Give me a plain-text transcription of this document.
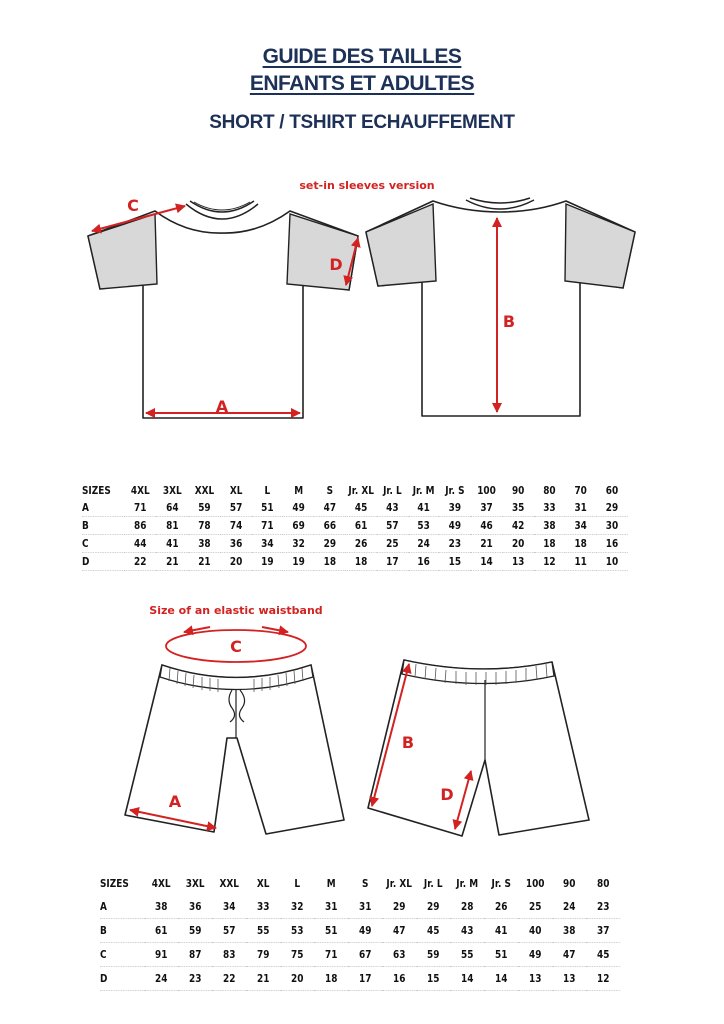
GUIDE DES TAILLES
ENFANTS ET ADULTES
SHORT / TSHIRT ECHAUFFEMENT
set-in sleeves version
C
D
B
A
Size of an elastic waistband
C
A
B
D
SIZES	4XL	3XL	XXL	XL	L	M	S	Jr. XL	Jr. L	Jr. M	Jr. S	100	90	80	70	60
A	71	64	59	57	51	49	47	45	43	41	39	37	35	33	31	29
B	86	81	78	74	71	69	66	61	57	53	49	46	42	38	34	30
C	44	41	38	36	34	32	29	26	25	24	23	21	20	18	18	16
D	22	21	21	20	19	19	18	18	17	16	15	14	13	12	11	10
SIZES	4XL	3XL	XXL	XL	L	M	S	Jr. XL	Jr. L	Jr. M	Jr. S	100	90	80
A	38	36	34	33	32	31	31	29	29	28	26	25	24	23
B	61	59	57	55	53	51	49	47	45	43	41	40	38	37
C	91	87	83	79	75	71	67	63	59	55	51	49	47	45
D	24	23	22	21	20	18	17	16	15	14	14	13	13	12
